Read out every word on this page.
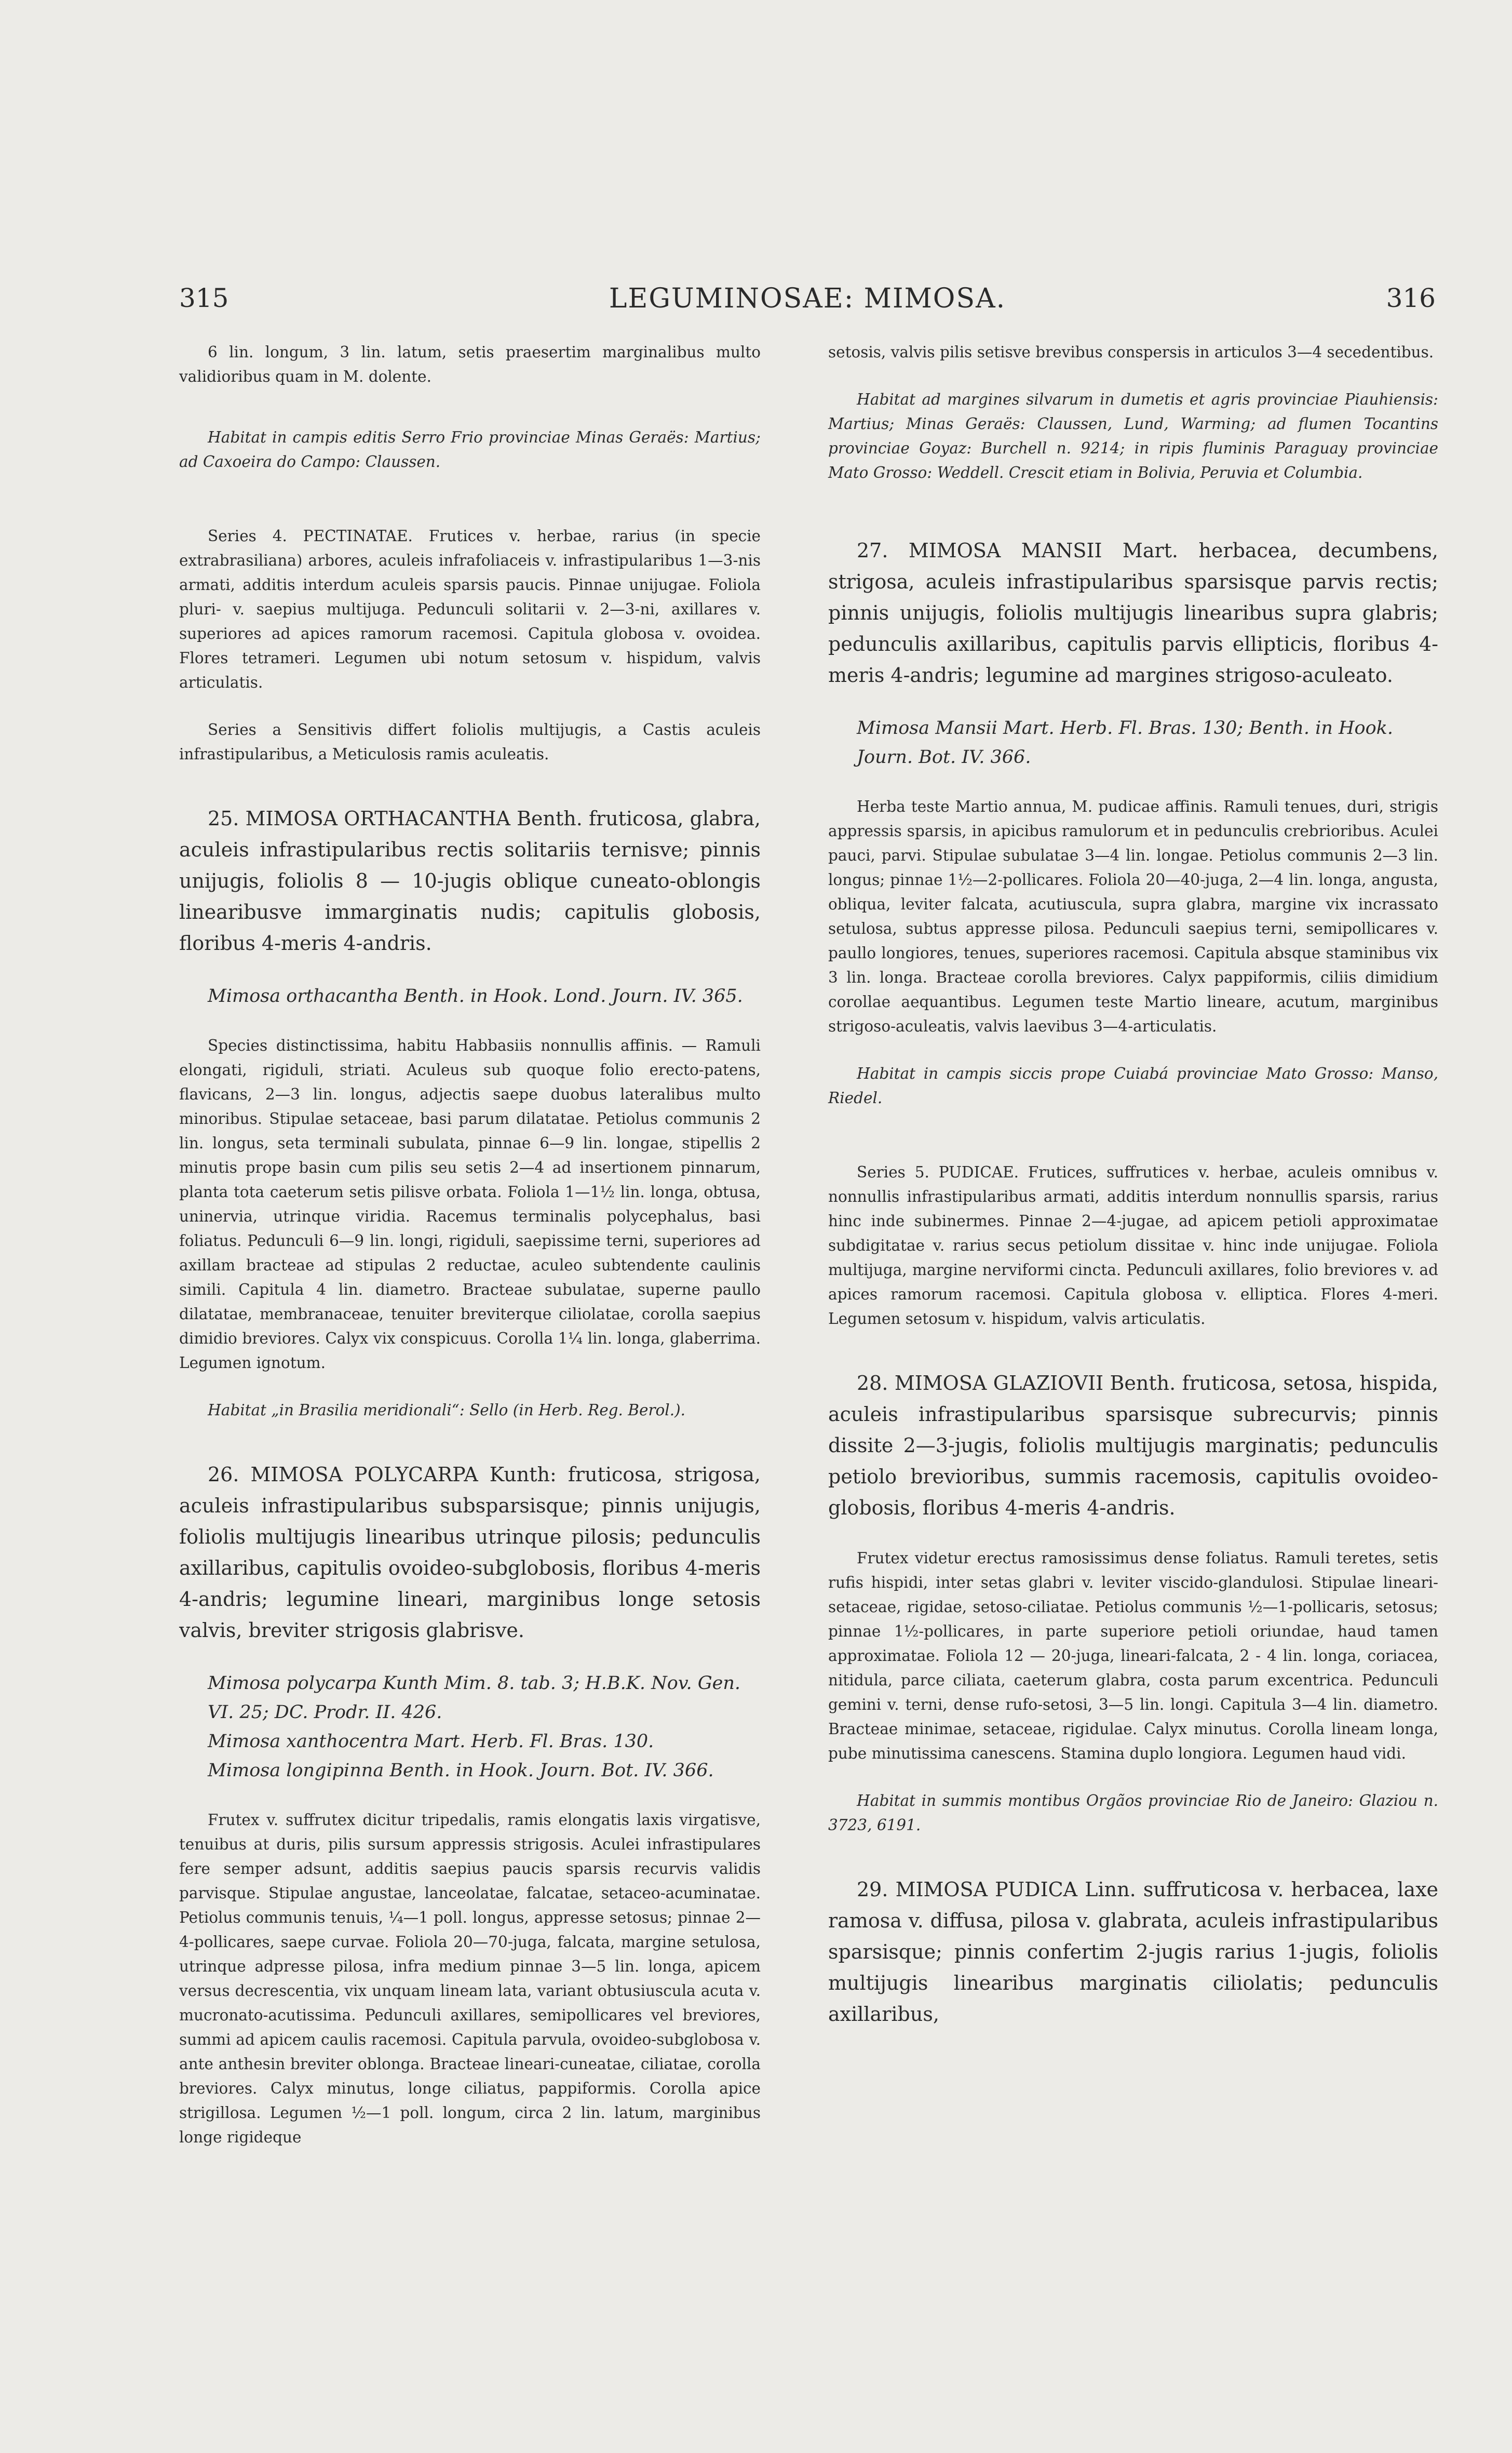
315	LEGUMINOSAE: MIMOSA.	316

6 lin. longum, 3 lin. latum, setis praesertim marginalibus multo validioribus quam in M. dolente.

Habitat in campis editis Serro Frio provinciae Minas Geraës: Martius; ad Caxoeira do Campo: Claussen.

Series 4. PECTINATAE. Frutices v. herbae, rarius (in specie extrabrasiliana) arbores, aculeis infrafoliaceis v. infrastipularibus 1—3-nis armati, additis interdum aculeis sparsis paucis. Pinnae unijugae. Foliola pluri- v. saepius multijuga. Pedunculi solitarii v. 2—3-ni, axillares v. superiores ad apices ramorum racemosi. Capitula globosa v. ovoidea. Flores tetrameri. Legumen ubi notum setosum v. hispidum, valvis articulatis.

Series a Sensitivis differt foliolis multijugis, a Castis aculeis infrastipularibus, a Meticulosis ramis aculeatis.

25. MIMOSA ORTHACANTHA Benth. fruticosa, glabra, aculeis infrastipularibus rectis solitariis ternisve; pinnis unijugis, foliolis 8 — 10-jugis oblique cuneato-oblongis linearibusve immarginatis nudis; capitulis globosis, floribus 4-meris 4-andris.

Mimosa orthacantha Benth. in Hook. Lond. Journ. IV. 365.

Species distinctissima, habitu Habbasiis nonnullis affinis. — Ramuli elongati, rigiduli, striati. Aculeus sub quoque folio erecto-patens, flavicans, 2—3 lin. longus, adjectis saepe duobus lateralibus multo minoribus. Stipulae setaceae, basi parum dilatatae. Petiolus communis 2 lin. longus, seta terminali subulata, pinnae 6—9 lin. longae, stipellis 2 minutis prope basin cum pilis seu setis 2—4 ad insertionem pinnarum, planta tota caeterum setis pilisve orbata. Foliola 1—1½ lin. longa, obtusa, uninervia, utrinque viridia. Racemus terminalis polycephalus, basi foliatus. Pedunculi 6—9 lin. longi, rigiduli, saepissime terni, superiores ad axillam bracteae ad stipulas 2 reductae, aculeo subtendente caulinis simili. Capitula 4 lin. diametro. Bracteae subulatae, superne paullo dilatatae, membranaceae, tenuiter breviterque ciliolatae, corolla saepius dimidio breviores. Calyx vix conspicuus. Corolla 1¼ lin. longa, glaberrima. Legumen ignotum.

Habitat „in Brasilia meridionali“: Sello (in Herb. Reg. Berol.).

26. MIMOSA POLYCARPA Kunth: fruticosa, strigosa, aculeis infrastipularibus subsparsisque; pinnis unijugis, foliolis multijugis linearibus utrinque pilosis; pedunculis axillaribus, capitulis ovoideo-subglobosis, floribus 4-meris 4-andris; legumine lineari, marginibus longe setosis valvis, breviter strigosis glabrisve.

Mimosa polycarpa Kunth Mim. 8. tab. 3; H.B.K. Nov. Gen. VI. 25; DC. Prodr. II. 426.

Mimosa xanthocentra Mart. Herb. Fl. Bras. 130.

Mimosa longipinna Benth. in Hook. Journ. Bot. IV. 366.

Frutex v. suffrutex dicitur tripedalis, ramis elongatis laxis virgatisve, tenuibus at duris, pilis sursum appressis strigosis. Aculei infrastipulares fere semper adsunt, additis saepius paucis sparsis recurvis validis parvisque. Stipulae angustae, lanceolatae, falcatae, setaceo-acuminatae. Petiolus communis tenuis, ¼—1 poll. longus, appresse setosus; pinnae 2—4-pollicares, saepe curvae. Foliola 20—70-juga, falcata, margine setulosa, utrinque adpresse pilosa, infra medium pinnae 3—5 lin. longa, apicem versus decrescentia, vix unquam lineam lata, variant obtusiuscula acuta v. mucronato-acutissima. Pedunculi axillares, semipollicares vel breviores, summi ad apicem caulis racemosi. Capitula parvula, ovoideo-subglobosa v. ante anthesin breviter oblonga. Bracteae lineari-cuneatae, ciliatae, corolla breviores. Calyx minutus, longe ciliatus, pappiformis. Corolla apice strigillosa. Legumen ½—1 poll. longum, circa 2 lin. latum, marginibus longe rigideque

setosis, valvis pilis setisve brevibus conspersis in articulos 3—4 secedentibus.

Habitat ad margines silvarum in dumetis et agris provinciae Piauhiensis: Martius; Minas Geraës: Claussen, Lund, Warming; ad flumen Tocantins provinciae Goyaz: Burchell n. 9214; in ripis fluminis Paraguay provinciae Mato Grosso: Weddell. Crescit etiam in Bolivia, Peruvia et Columbia.

27. MIMOSA MANSII Mart. herbacea, decumbens, strigosa, aculeis infrastipularibus sparsisque parvis rectis; pinnis unijugis, foliolis multijugis linearibus supra glabris; pedunculis axillaribus, capitulis parvis ellipticis, floribus 4-meris 4-andris; legumine ad margines strigoso-aculeato.

Mimosa Mansii Mart. Herb. Fl. Bras. 130; Benth. in Hook. Journ. Bot. IV. 366.

Herba teste Martio annua, M. pudicae affinis. Ramuli tenues, duri, strigis appressis sparsis, in apicibus ramulorum et in pedunculis crebrioribus. Aculei pauci, parvi. Stipulae subulatae 3—4 lin. longae. Petiolus communis 2—3 lin. longus; pinnae 1½—2-pollicares. Foliola 20—40-juga, 2—4 lin. longa, angusta, obliqua, leviter falcata, acutiuscula, supra glabra, margine vix incrassato setulosa, subtus appresse pilosa. Pedunculi saepius terni, semipollicares v. paullo longiores, tenues, superiores racemosi. Capitula absque staminibus vix 3 lin. longa. Bracteae corolla breviores. Calyx pappiformis, ciliis dimidium corollae aequantibus. Legumen teste Martio lineare, acutum, marginibus strigoso-aculeatis, valvis laevibus 3—4-articulatis.

Habitat in campis siccis prope Cuiabá provinciae Mato Grosso: Manso, Riedel.

Series 5. PUDICAE. Frutices, suffrutices v. herbae, aculeis omnibus v. nonnullis infrastipularibus armati, additis interdum nonnullis sparsis, rarius hinc inde subinermes. Pinnae 2—4-jugae, ad apicem petioli approximatae subdigitatae v. rarius secus petiolum dissitae v. hinc inde unijugae. Foliola multijuga, margine nerviformi cincta. Pedunculi axillares, folio breviores v. ad apices ramorum racemosi. Capitula globosa v. elliptica. Flores 4-meri. Legumen setosum v. hispidum, valvis articulatis.

28. MIMOSA GLAZIOVII Benth. fruticosa, setosa, hispida, aculeis infrastipularibus sparsisque subrecurvis; pinnis dissite 2—3-jugis, foliolis multijugis marginatis; pedunculis petiolo brevioribus, summis racemosis, capitulis ovoideo-globosis, floribus 4-meris 4-andris.

Frutex videtur erectus ramosissimus dense foliatus. Ramuli teretes, setis rufis hispidi, inter setas glabri v. leviter viscido-glandulosi. Stipulae lineari-setaceae, rigidae, setoso-ciliatae. Petiolus communis ½—1-pollicaris, setosus; pinnae 1½-pollicares, in parte superiore petioli oriundae, haud tamen approximatae. Foliola 12 — 20-juga, lineari-falcata, 2 - 4 lin. longa, coriacea, nitidula, parce ciliata, caeterum glabra, costa parum excentrica. Pedunculi gemini v. terni, dense rufo-setosi, 3—5 lin. longi. Capitula 3—4 lin. diametro. Bracteae minimae, setaceae, rigidulae. Calyx minutus. Corolla lineam longa, pube minutissima canescens. Stamina duplo longiora. Legumen haud vidi.

Habitat in summis montibus Orgãos provinciae Rio de Janeiro: Glaziou n. 3723, 6191.

29. MIMOSA PUDICA Linn. suffruticosa v. herbacea, laxe ramosa v. diffusa, pilosa v. glabrata, aculeis infrastipularibus sparsisque; pinnis confertim 2-jugis rarius 1-jugis, foliolis multijugis linearibus marginatis ciliolatis; pedunculis axillaribus,
